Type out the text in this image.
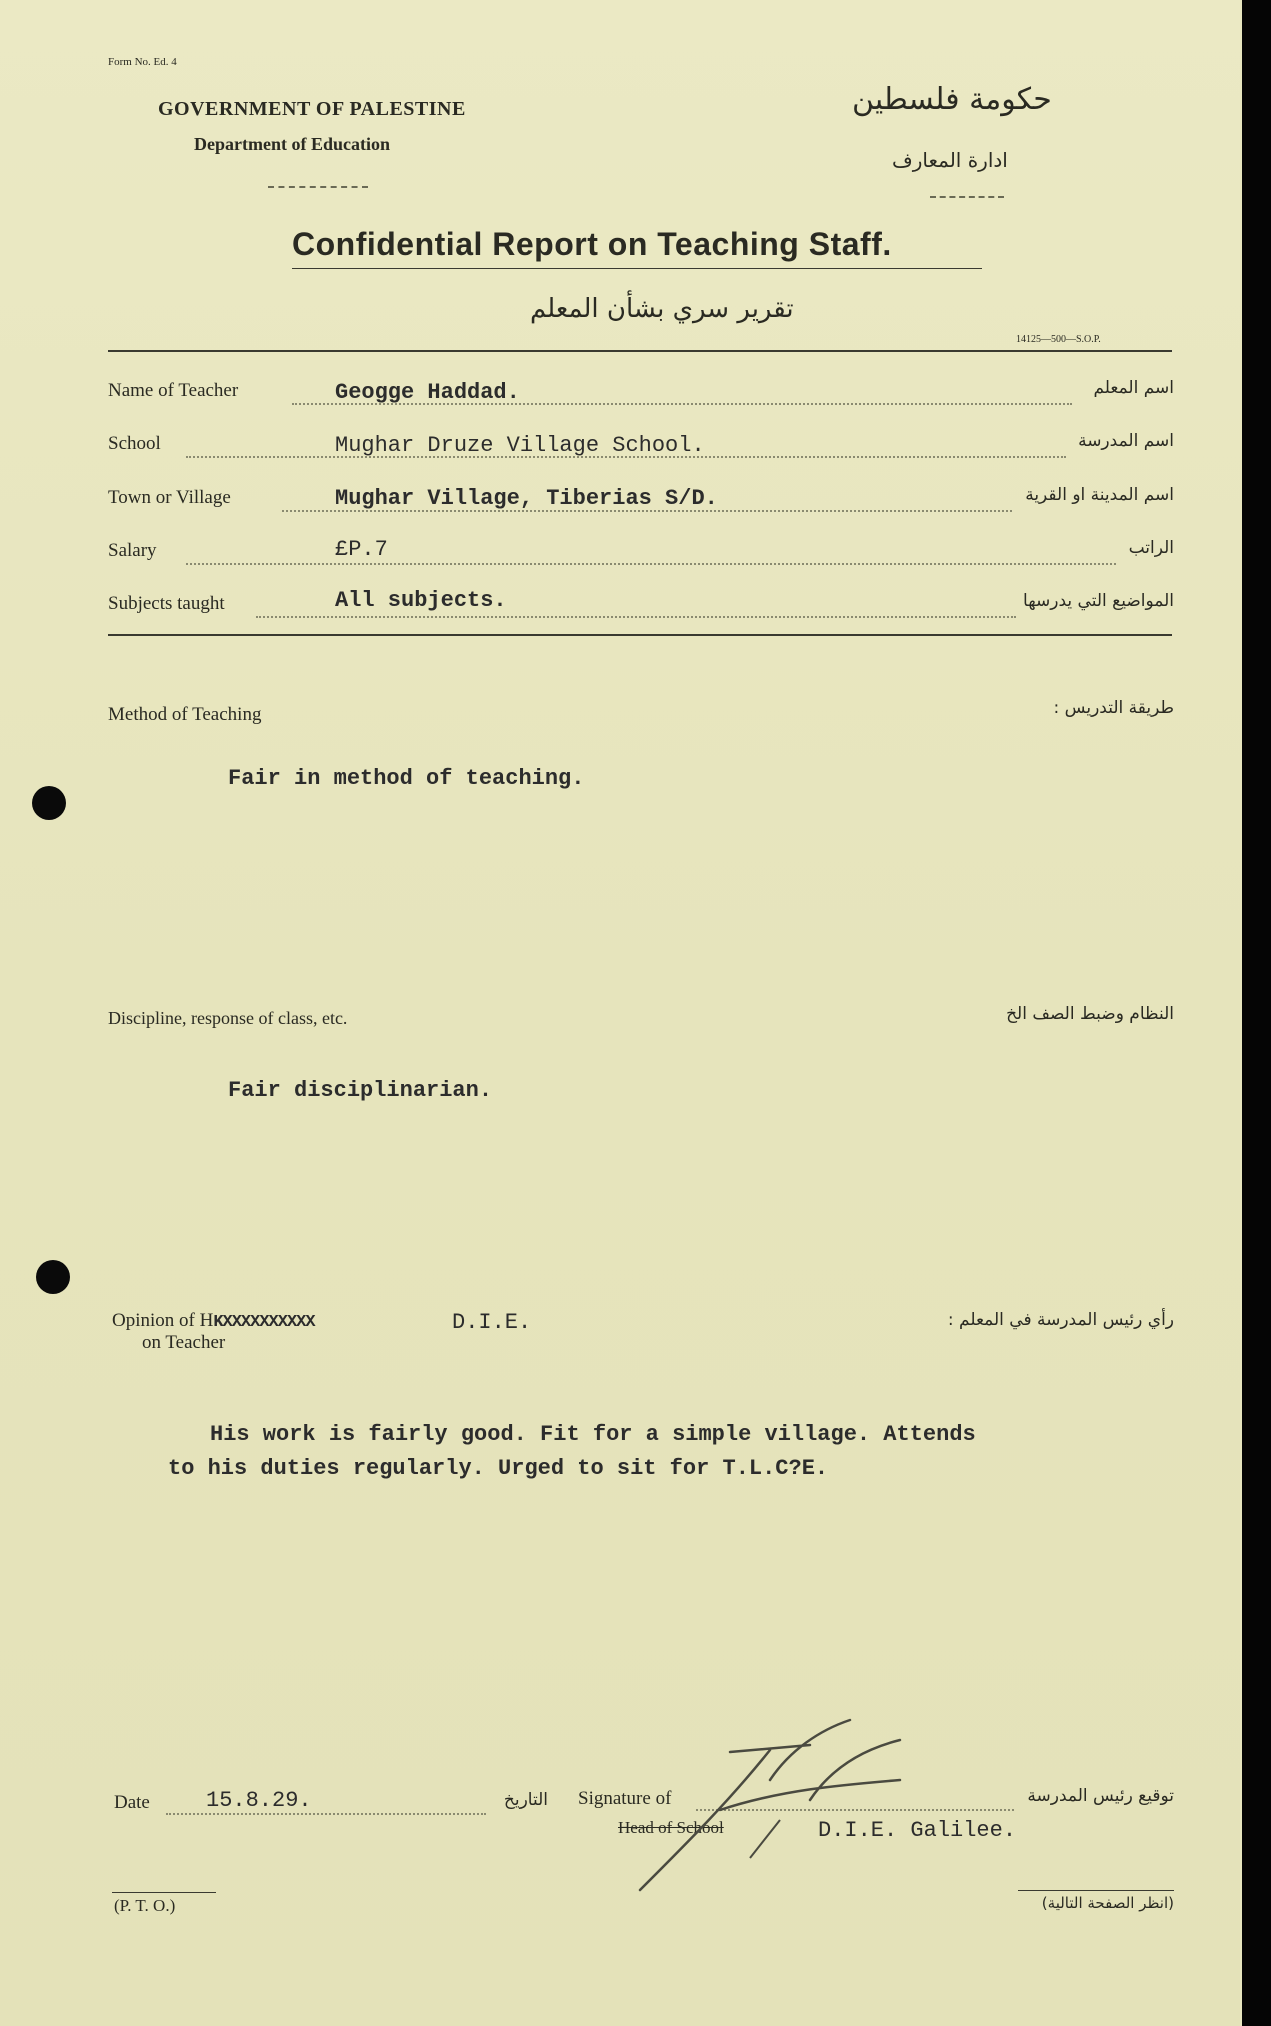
Form No. Ed. 4
GOVERNMENT OF PALESTINE
Department of Education
حكومة فلسطين
ادارة المعارف
Confidential Report on Teaching Staff.
تقرير سري بشأن المعلم
14125—500—S.O.P.
Name of Teacher	Geogge Haddad.	اسم المعلم
School	Mughar Druze Village School.	اسم المدرسة
Town or Village	Mughar Village, Tiberias S/D.	اسم المدينة او القرية
Salary	£P.7	الراتب
Subjects taught	All subjects.	المواضيع التي يدرسها
Method of Teaching	طريقة التدريس :
Fair in method of teaching.
Discipline, response of class, etc.	النظام وضبط الصف الخ
Fair disciplinarian.
Opinion of HKXXXXXXXXXX
on Teacher
D.I.E.	رأي رئيس المدرسة في المعلم :
His work is fairly good. Fit for a simple village. Attends
to his duties regularly. Urged to sit for T.L.C?E.
Date	15.8.29.	التاريخ Signature of	توقيع رئيس المدرسة
Head of School	D.I.E. Galilee.
(P. T. O.)	(انظر الصفحة التالية)
